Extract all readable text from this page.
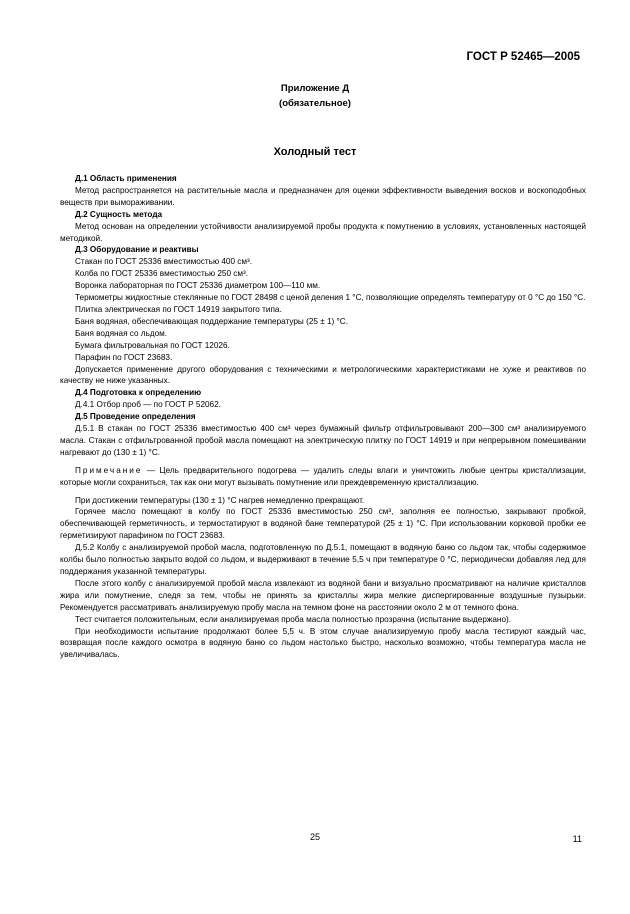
ГОСТ Р 52465—2005
Приложение Д
(обязательное)
Холодный тест

Д.1 Область применения

Метод распространяется на растительные масла и предназначен для оценки эффективности выведения восков и воскоподобных веществ при вымораживании.

Д.2 Сущность метода

Метод основан на определении устойчивости анализируемой пробы продукта к помутнению в условиях, установленных настоящей методикой.

Д.3 Оборудование и реактивы

Стакан по ГОСТ 25336 вместимостью 400 см³.

Колба по ГОСТ 25336 вместимостью 250 см³.

Воронка лабораторная по ГОСТ 25336 диаметром 100—110 мм.

Термометры жидкостные стеклянные по ГОСТ 28498 с ценой деления 1 °С, позволяющие определять температуру от 0 °С до 150 °С.

Плитка электрическая по ГОСТ 14919 закрытого типа.

Баня водяная, обеспечивающая поддержание температуры (25 ± 1) °С.

Баня водяная со льдом.

Бумага фильтровальная по ГОСТ 12026.

Парафин по ГОСТ 23683.

Допускается применение другого оборудования с техническими и метрологическими характеристиками не хуже и реактивов по качеству не ниже указанных.

Д.4 Подготовка к определению

Д.4.1 Отбор проб — по ГОСТ Р 52062.

Д.5 Проведение определения

Д.5.1 В стакан по ГОСТ 25336 вместимостью 400 см³ через бумажный фильтр отфильтровывают 200—300 см³ анализируемого масла. Стакан с отфильтрованной пробой масла помещают на электрическую плитку по ГОСТ 14919 и при непрерывном помешивании нагревают до (130 ± 1) °С.

Примечание — Цель предварительного подогрева — удалить следы влаги и уничтожить любые центры кристаллизации, которые могли сохраниться, так как они могут вызывать помутнение или преждевременную кристаллизацию.

При достижении температуры (130 ± 1) °С нагрев немедленно прекращают.

Горячее масло помещают в колбу по ГОСТ 25336 вместимостью 250 см³, заполняя ее полностью, закрывают пробкой, обеспечивающей герметичность, и термостатируют в водяной бане температурой (25 ± 1) °С. При использовании корковой пробки ее герметизируют парафином по ГОСТ 23683.

Д.5.2 Колбу с анализируемой пробой масла, подготовленную по Д.5.1, помещают в водяную баню со льдом так, чтобы содержимое колбы было полностью закрыто водой со льдом, и выдерживают в течение 5,5 ч при температуре 0 °С, периодически добавляя лед для поддержания указанной температуры.

После этого колбу с анализируемой пробой масла извлекают из водяной бани и визуально просматривают на наличие кристаллов жира или помутнение, следя за тем, чтобы не принять за кристаллы жира мелкие диспергированные воздушные пузырьки. Рекомендуется рассматривать анализируемую пробу масла на темном фоне на расстоянии около 2 м от темного фона.

Тест считается положительным, если анализируемая проба масла полностью прозрачна (испытание выдержано).

При необходимости испытание продолжают более 5,5 ч. В этом случае анализируемую пробу масла тестируют каждый час, возвращая после каждого осмотра в водяную баню со льдом настолько быстро, насколько возможно, чтобы температура масла не увеличивалась.

25	11
